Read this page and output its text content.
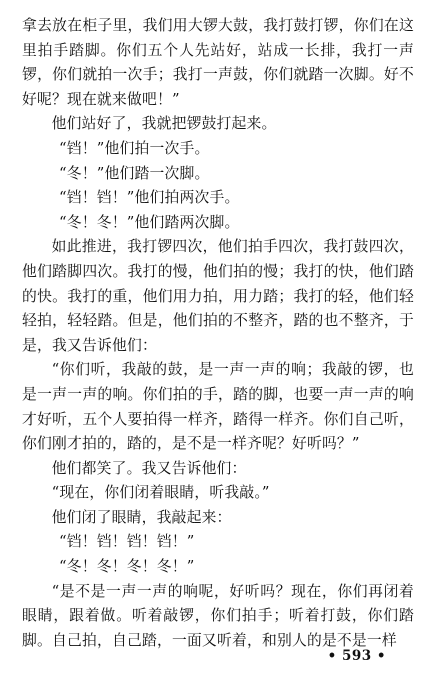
拿去放在柜子里，我们用大锣大鼓，我打鼓打锣，你们在这里拍手踏脚。你们五个人先站好，站成一长排，我打一声锣，你们就拍一次手；我打一声鼓，你们就踏一次脚。好不好呢？现在就来做吧！”

他们站好了，我就把锣鼓打起来。

“铛！”他们拍一次手。

“冬！”他们踏一次脚。

“铛！铛！”他们拍两次手。

“冬！冬！”他们踏两次脚。

如此推进，我打锣四次，他们拍手四次，我打鼓四次，他们踏脚四次。我打的慢，他们拍的慢；我打的快，他们踏的快。我打的重，他们用力拍，用力踏；我打的轻，他们轻轻拍，轻轻踏。但是，他们拍的不整齐，踏的也不整齐，于是，我又告诉他们：

“你们听，我敲的鼓，是一声一声的响；我敲的锣，也是一声一声的响。你们拍的手，踏的脚，也要一声一声的响才好听，五个人要拍得一样齐，踏得一样齐。你们自己听，你们刚才拍的，踏的，是不是一样齐呢？好听吗？”

他们都笑了。我又告诉他们：

“现在，你们闭着眼睛，听我敲。”

他们闭了眼睛，我敲起来：

“铛！铛！铛！铛！”

“冬！冬！冬！冬！”

“是不是一声一声的响呢，好听吗？现在，你们再闭着眼睛，跟着做。听着敲锣，你们拍手；听着打鼓，你们踏脚。自己拍，自己踏，一面又听着，和别人的是不是一样

• 593 •
